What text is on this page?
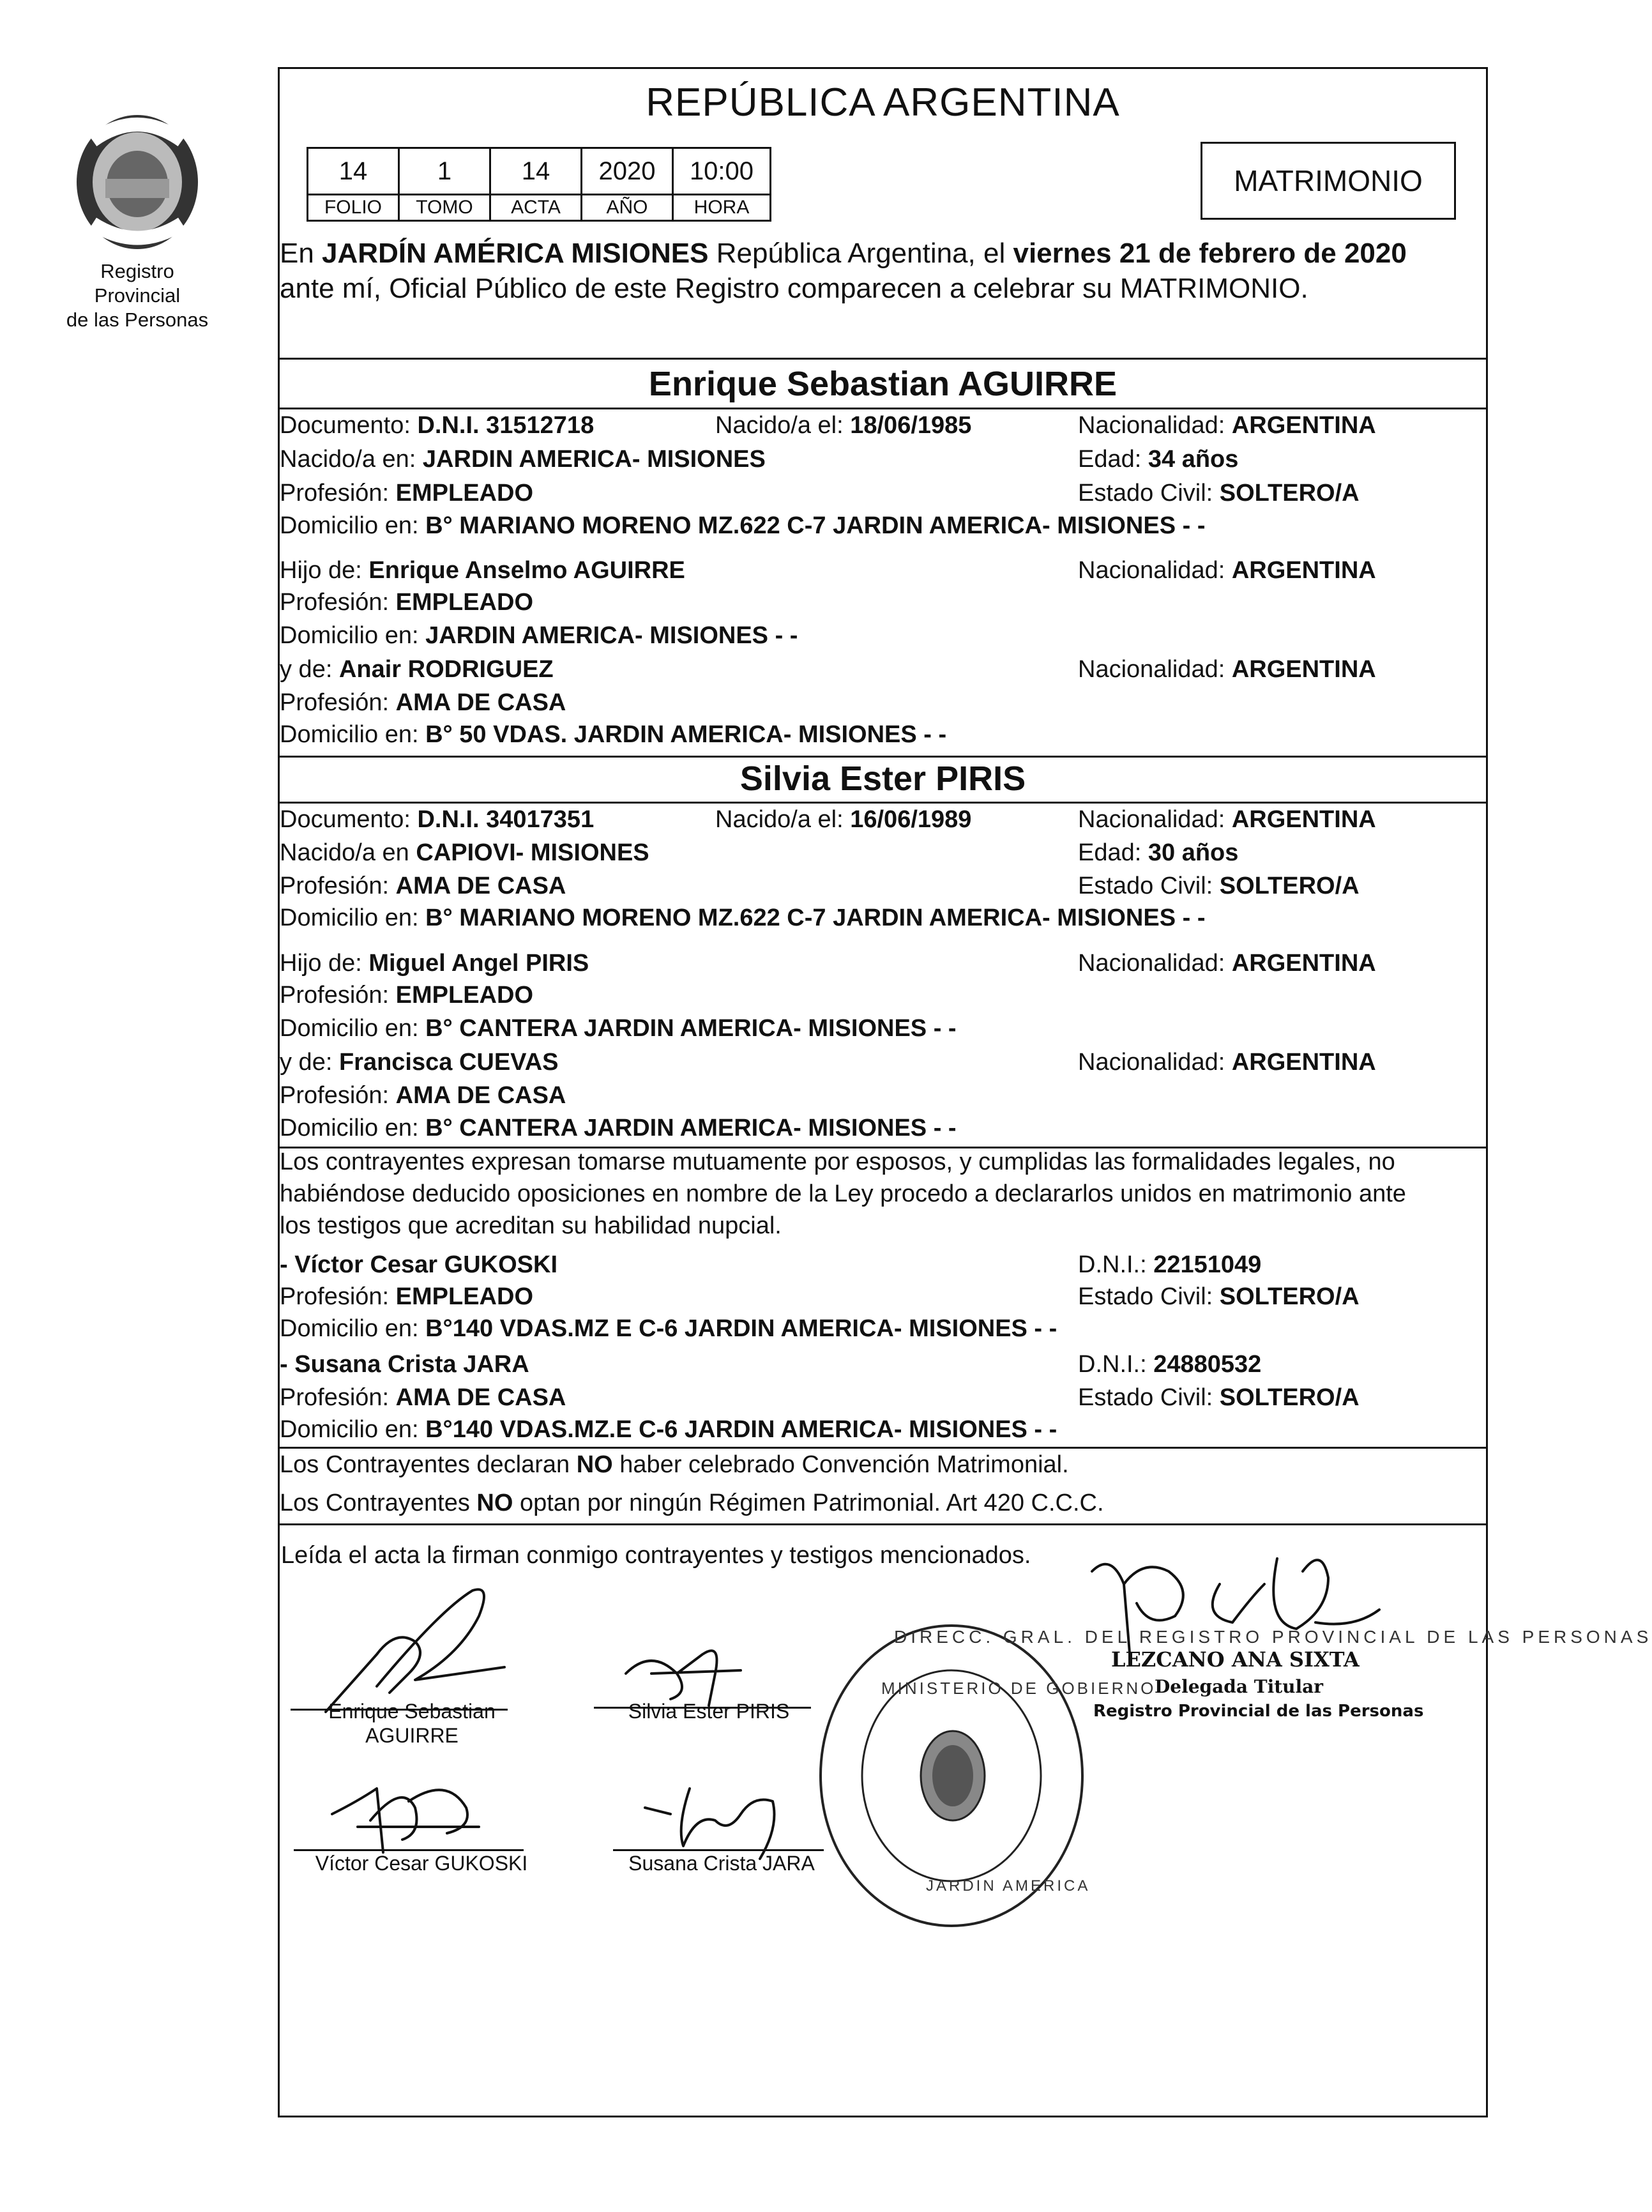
Registro Provincial
de las Personas
REPÚBLICA ARGENTINA
14	1	14	2020	10:00
FOLIO	TOMO	ACTA	AÑO	HORA
MATRIMONIO
En JARDÍN AMÉRICA MISIONES República Argentina, el viernes 21 de febrero de 2020
ante mí, Oficial Público de este Registro comparecen a celebrar su MATRIMONIO.
Enrique Sebastian AGUIRRE
Documento: D.N.I. 31512718	Nacido/a el: 18/06/1985	Nacionalidad: ARGENTINA
Nacido/a en: JARDIN AMERICA- MISIONES	Edad: 34 años
Profesión: EMPLEADO	Estado Civil: SOLTERO/A
Domicilio en: B° MARIANO MORENO MZ.622 C-7 JARDIN AMERICA- MISIONES - -
Hijo de: Enrique Anselmo AGUIRRE	Nacionalidad: ARGENTINA
Profesión: EMPLEADO
Domicilio en: JARDIN AMERICA- MISIONES - -
y de: Anair RODRIGUEZ	Nacionalidad: ARGENTINA
Profesión: AMA DE CASA
Domicilio en: B° 50 VDAS. JARDIN AMERICA- MISIONES - -
Silvia Ester PIRIS
Documento: D.N.I. 34017351	Nacido/a el: 16/06/1989	Nacionalidad: ARGENTINA
Nacido/a en CAPIOVI- MISIONES	Edad: 30 años
Profesión: AMA DE CASA	Estado Civil: SOLTERO/A
Domicilio en: B° MARIANO MORENO MZ.622 C-7 JARDIN AMERICA- MISIONES - -
Hijo de: Miguel Angel PIRIS	Nacionalidad: ARGENTINA
Profesión: EMPLEADO
Domicilio en: B° CANTERA JARDIN AMERICA- MISIONES - -
y de: Francisca CUEVAS	Nacionalidad: ARGENTINA
Profesión: AMA DE CASA
Domicilio en: B° CANTERA JARDIN AMERICA- MISIONES - -
Los contrayentes expresan tomarse mutuamente por esposos, y cumplidas las formalidades legales, no
habiéndose deducido oposiciones en nombre de la Ley procedo a declararlos unidos en matrimonio ante
los testigos que acreditan su habilidad nupcial.
- Víctor Cesar GUKOSKI	D.N.I.: 22151049
Profesión: EMPLEADO	Estado Civil: SOLTERO/A
Domicilio en: B°140 VDAS.MZ E C-6 JARDIN AMERICA- MISIONES - -
- Susana Crista JARA	D.N.I.: 24880532
Profesión: AMA DE CASA	Estado Civil: SOLTERO/A
Domicilio en: B°140 VDAS.MZ.E C-6 JARDIN AMERICA- MISIONES - -
Los Contrayentes declaran NO haber celebrado Convención Matrimonial.
Los Contrayentes NO optan por ningún Régimen Patrimonial. Art 420 C.C.C.
Leída el acta la firman conmigo contrayentes y testigos mencionados.
Enrique Sebastian
AGUIRRE
Silvia Ester PIRIS
Víctor Cesar GUKOSKI	Susana Crista JARA
DIRECC. GRAL. DEL REGISTRO PROVINCIAL DE LAS PERSONAS
MINISTERIO DE GOBIERNO
JARDIN AMERICA
LEZCANO ANA SIXTA
Delegada Titular
Registro Provincial de las Personas
